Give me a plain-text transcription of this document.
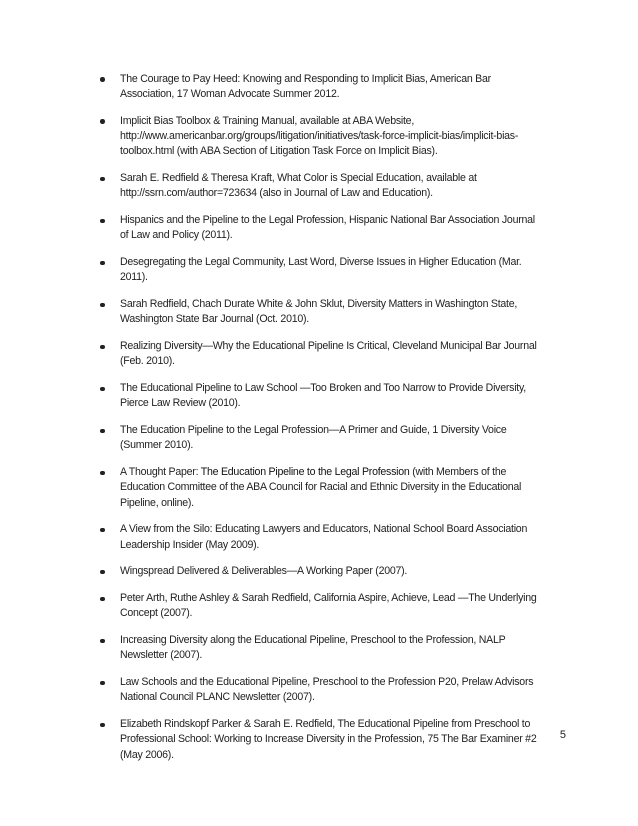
The Courage to Pay Heed: Knowing and Responding to Implicit Bias, American Bar Association, 17 Woman Advocate Summer 2012.
Implicit Bias Toolbox & Training Manual, available at ABA Website, http://www.americanbar.org/groups/litigation/initiatives/task-force-implicit-bias/implicit-bias-toolbox.html (with ABA Section of Litigation Task Force on Implicit Bias).
Sarah E. Redfield & Theresa Kraft, What Color is Special Education, available at http://ssrn.com/author=723634 (also in Journal of Law and Education).
Hispanics and the Pipeline to the Legal Profession, Hispanic National Bar Association Journal of Law and Policy (2011).
Desegregating the Legal Community, Last Word, Diverse Issues in Higher Education (Mar. 2011).
Sarah Redfield, Chach Durate White & John Sklut, Diversity Matters in Washington State, Washington State Bar Journal (Oct. 2010).
Realizing Diversity—Why the Educational Pipeline Is Critical, Cleveland Municipal Bar Journal (Feb. 2010).
The Educational Pipeline to Law School —Too Broken and Too Narrow to Provide Diversity, Pierce Law Review (2010).
The Education Pipeline to the Legal Profession—A Primer and Guide, 1 Diversity Voice (Summer 2010).
A Thought Paper: The Education Pipeline to the Legal Profession (with Members of the Education Committee of the ABA Council for Racial and Ethnic Diversity in the Educational Pipeline, online).
A View from the Silo: Educating Lawyers and Educators, National School Board Association Leadership Insider (May 2009).
Wingspread Delivered & Deliverables—A Working Paper (2007).
Peter Arth, Ruthe Ashley & Sarah Redfield, California Aspire, Achieve, Lead —The Underlying Concept (2007).
Increasing Diversity along the Educational Pipeline, Preschool to the Profession, NALP Newsletter (2007).
Law Schools and the Educational Pipeline, Preschool to the Profession P20, Prelaw Advisors National Council PLANC Newsletter (2007).
Elizabeth Rindskopf Parker & Sarah E. Redfield, The Educational Pipeline from Preschool to Professional School: Working to Increase Diversity in the Profession, 75 The Bar Examiner #2 (May 2006).
5
